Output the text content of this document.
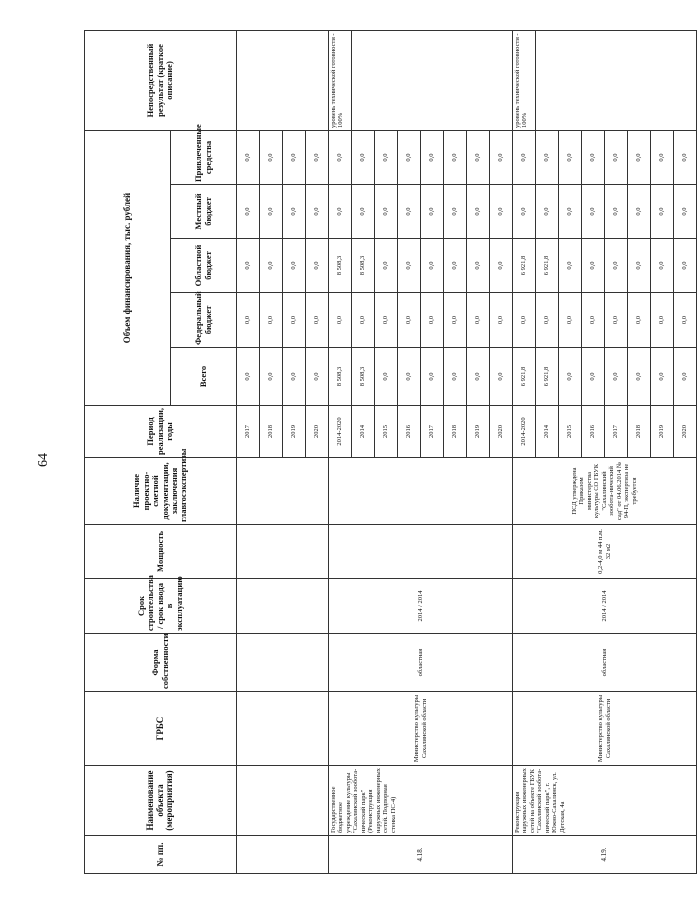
64
№ пп.	Наименование объекта (мероприятия)	ГРБС	Форма собственности	Срок строительства / срок ввода в эксплуатацию	Мощность	Наличие проектно-сметной документации, заключения главгосэкспертизы	Период реализации, годы	Объем финансирования, тыс. рублей					Непосредственный результат (краткое описание)
								Всего	Федеральный бюджет	Областной бюджет	Местный бюджет	Привлеченные средства	
							2017	0,0	0,0	0,0	0,0	0,0	
							2018	0,0	0,0	0,0	0,0	0,0	
							2019	0,0	0,0	0,0	0,0	0,0	
							2020	0,0	0,0	0,0	0,0	0,0	
4.18.	Государственное бюджетное учреждение культуры "Сахалинский зообота-нический парк" (Реконструкция наружных инженерных сетей. Подпорная стенка ПС-4)	Министерство культуры Сахалинской области	областная	2014 / 2014			2014-2020	8 508,3	0,0	8 508,3	0,0	0,0	уровень технической готовности - 100%
							2014	8 508,3	0,0	8 508,3	0,0	0,0	
							2015	0,0	0,0	0,0	0,0	0,0	
							2016	0,0	0,0	0,0	0,0	0,0	
							2017	0,0	0,0	0,0	0,0	0,0	
							2018	0,0	0,0	0,0	0,0	0,0	
							2019	0,0	0,0	0,0	0,0	0,0	
							2020	0,0	0,0	0,0	0,0	0,0	
4.19.	Реконструкция наружных инженерных сетей на объекте ГБУК "Сахалинский зообота-нический парк", г. Южно-Сахалинск, ул. Детская, 4а	Министерство культуры Сахалинской области	областная	2014 / 2014	0,2-4,0 м 44 п.м. 32 м2	ПСД утверждена Приказом министерства культуры СО ГБУК "Сахалинский зообота-нический сад" от 04.06.2014 № 94-П, экспертиза не требуется	2014-2020	6 921,8	0,0	6 921,8	0,0	0,0	уровень технической готовности - 100%
							2014	6 921,8	0,0	6 921,8	0,0	0,0	
							2015	0,0	0,0	0,0	0,0	0,0	
							2016	0,0	0,0	0,0	0,0	0,0	
							2017	0,0	0,0	0,0	0,0	0,0	
							2018	0,0	0,0	0,0	0,0	0,0	
							2019	0,0	0,0	0,0	0,0	0,0	
							2020	0,0	0,0	0,0	0,0	0,0	
